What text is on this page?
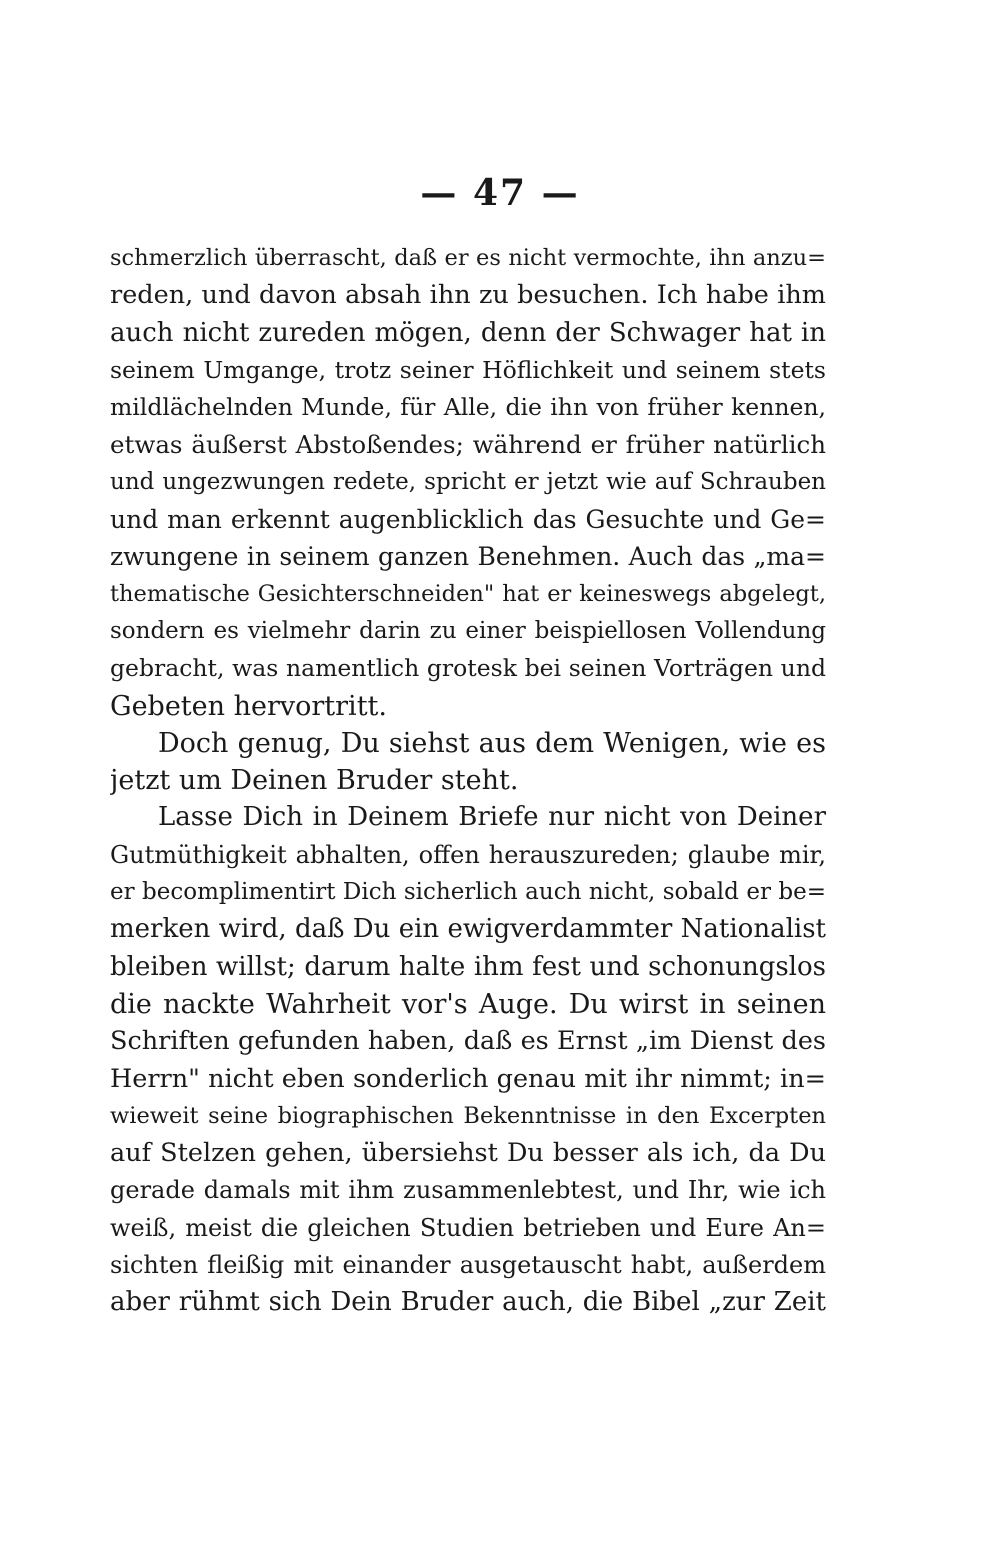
— 47 —
schmerzlich überrascht, daß er es nicht vermochte, ihn anzu=
reden, und davon absah ihn zu besuchen. Ich habe ihm
auch nicht zureden mögen, denn der Schwager hat in
seinem Umgange, trotz seiner Höflichkeit und seinem stets
mildlächelnden Munde, für Alle, die ihn von früher kennen,
etwas äußerst Abstoßendes; während er früher natürlich
und ungezwungen redete, spricht er jetzt wie auf Schrauben
und man erkennt augenblicklich das Gesuchte und Ge=
zwungene in seinem ganzen Benehmen. Auch das „ma=
thematische Gesichterschneiden" hat er keineswegs abgelegt,
sondern es vielmehr darin zu einer beispiellosen Vollendung
gebracht, was namentlich grotesk bei seinen Vorträgen und
Gebeten hervortritt.
Doch genug, Du siehst aus dem Wenigen, wie es
jetzt um Deinen Bruder steht.
Lasse Dich in Deinem Briefe nur nicht von Deiner
Gutmüthigkeit abhalten, offen herauszureden; glaube mir,
er becomplimentirt Dich sicherlich auch nicht, sobald er be=
merken wird, daß Du ein ewigverdammter Nationalist
bleiben willst; darum halte ihm fest und schonungslos
die nackte Wahrheit vor's Auge. Du wirst in seinen
Schriften gefunden haben, daß es Ernst „im Dienst des
Herrn" nicht eben sonderlich genau mit ihr nimmt; in=
wieweit seine biographischen Bekenntnisse in den Excerpten
auf Stelzen gehen, übersiehst Du besser als ich, da Du
gerade damals mit ihm zusammenlebtest, und Ihr, wie ich
weiß, meist die gleichen Studien betrieben und Eure An=
sichten fleißig mit einander ausgetauscht habt, außerdem
aber rühmt sich Dein Bruder auch, die Bibel „zur Zeit
